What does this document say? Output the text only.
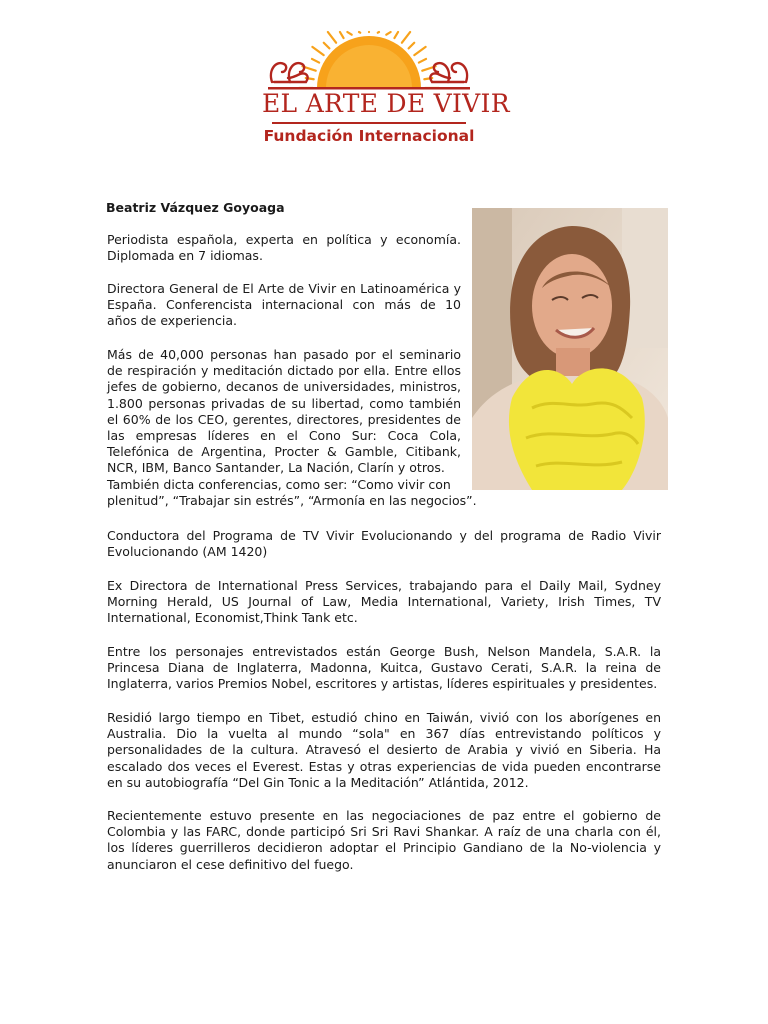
EL ARTE DE VIVIR
Fundación Internacional
Beatriz Vázquez Goyoaga
Periodista española, experta en política y economía. Diplomada en 7 idiomas.
Directora General de El Arte de Vivir en Latinoamérica y España. Conferencista internacional con más de 10 años de experiencia.
Más de 40,000 personas han pasado por el seminario de respiración y meditación dictado por ella. Entre ellos jefes de gobierno, decanos de universidades, ministros, 1.800 personas privadas de su libertad, como también el 60% de los CEO, gerentes, directores, presidentes de las empresas líderes en el Cono Sur: Coca Cola, Telefónica de Argentina, Procter & Gamble, Citibank, NCR, IBM, Banco Santander, La Nación, Clarín y otros.
También dicta conferencias, como ser: “Como vivir con plenitud”, “Trabajar sin estrés”, “Armonía en las negocios”.
Conductora del Programa de TV Vivir Evolucionando y del programa de Radio Vivir Evolucionando (AM 1420)
Ex Directora de International Press Services, trabajando para el Daily Mail, Sydney Morning Herald, US Journal of Law, Media International, Variety, Irish Times, TV International, Economist,Think Tank etc.
Entre los personajes entrevistados están George Bush, Nelson Mandela, S.A.R. la Princesa Diana de Inglaterra, Madonna, Kuitca, Gustavo Cerati, S.A.R. la reina de Inglaterra, varios Premios Nobel, escritores y artistas, líderes espirituales y presidentes.
Residió largo tiempo en Tibet, estudió chino en Taiwán, vivió con los aborígenes en Australia. Dio la vuelta al mundo “sola" en 367 días entrevistando políticos y personalidades de la cultura. Atravesó el desierto de Arabia y vivió en Siberia. Ha escalado dos veces el Everest. Estas y otras experiencias de vida pueden encontrarse en su autobiografía “Del Gin Tonic a la Meditación” Atlántida, 2012.
Recientemente estuvo presente en las negociaciones de paz entre el gobierno de Colombia y las FARC, donde participó Sri Sri Ravi Shankar. A raíz de una charla con él, los líderes guerrilleros decidieron adoptar el Principio Gandiano de la No-violencia y anunciaron el cese definitivo del fuego.
